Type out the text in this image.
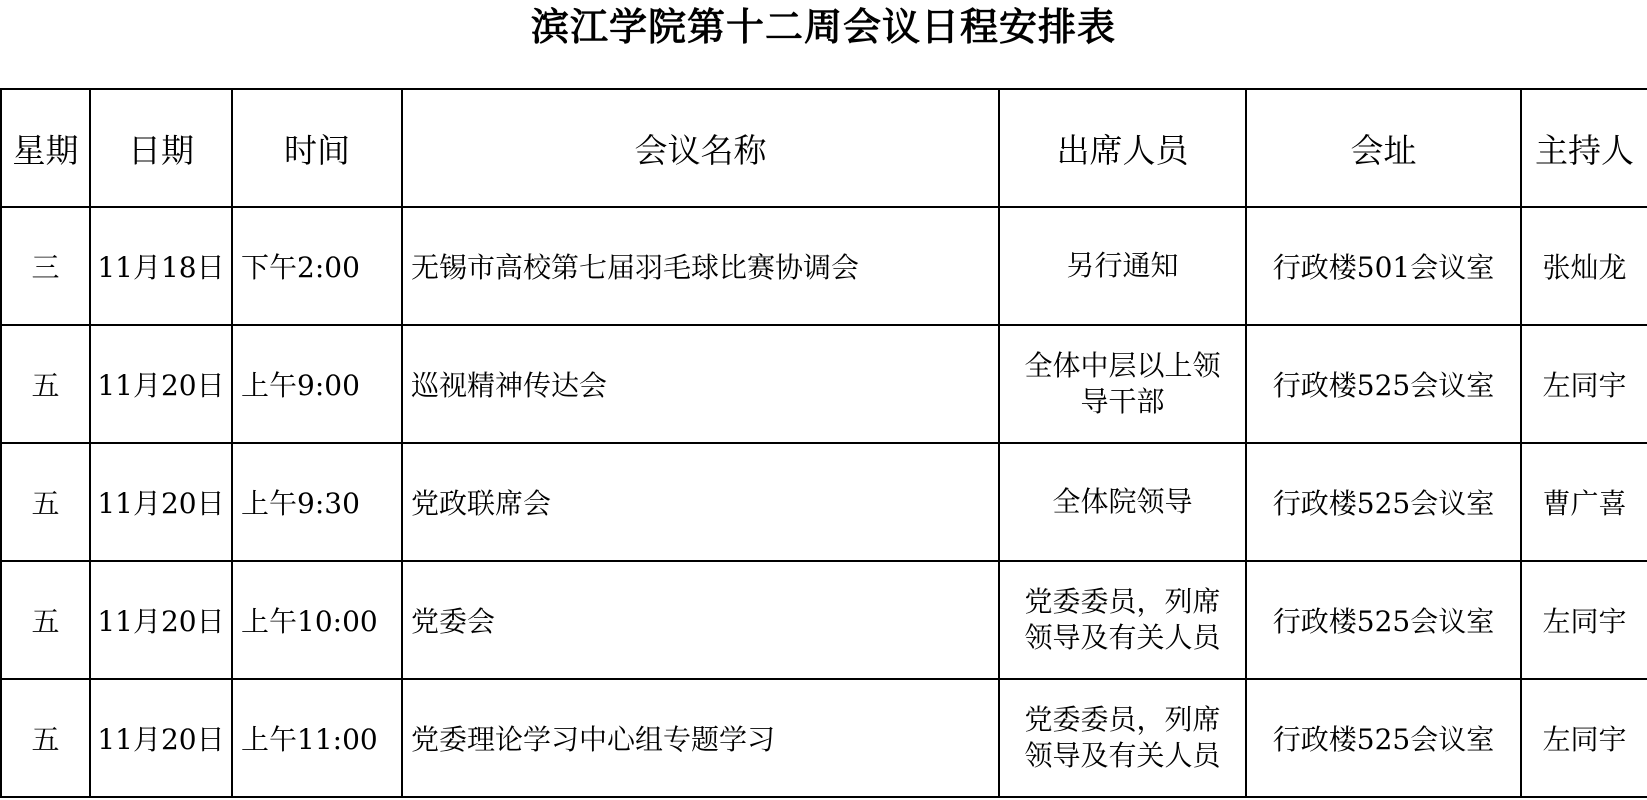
滨江学院第十二周会议日程安排表
星期	日期	时间	会议名称	出席人员	会址	主持人
三	11月18日	下午2:00	无锡市高校第七届羽毛球比赛协调会	另行通知	行政楼501会议室	张灿龙
五	11月20日	上午9:00	巡视精神传达会	全体中层以上领导干部	行政楼525会议室	左同宇
五	11月20日	上午9:30	党政联席会	全体院领导	行政楼525会议室	曹广喜
五	11月20日	上午10:00	党委会	党委委员，列席领导及有关人员	行政楼525会议室	左同宇
五	11月20日	上午11:00	党委理论学习中心组专题学习	党委委员，列席领导及有关人员	行政楼525会议室	左同宇
